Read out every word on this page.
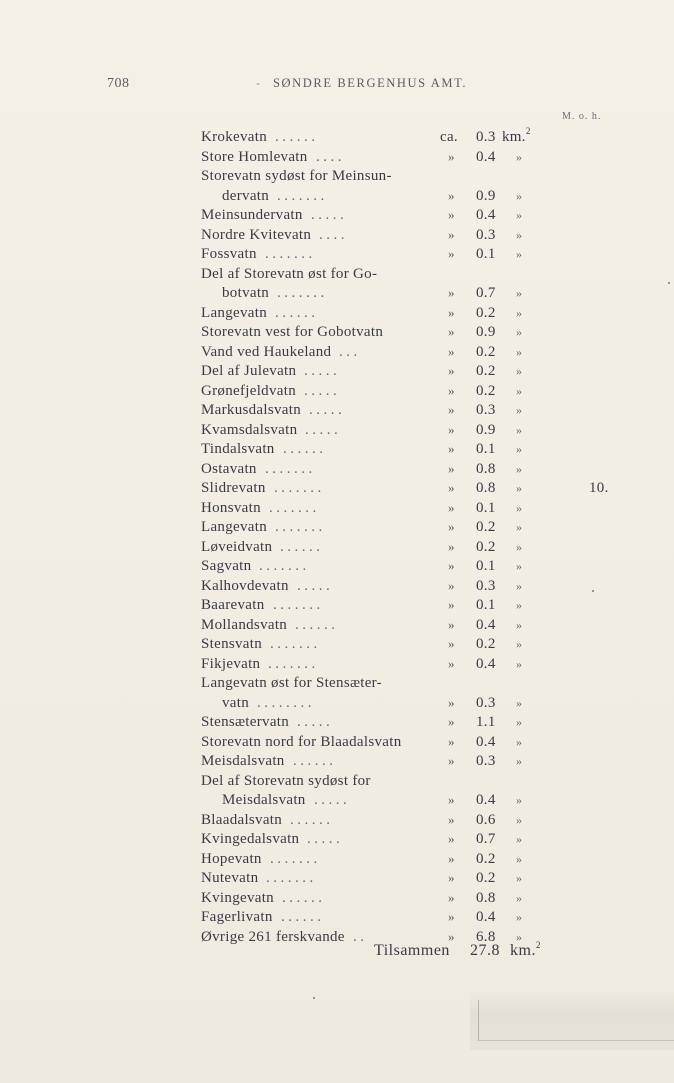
708	- SØNDRE BERGENHUS AMT.
M. o. h.
Krokevatn ......	ca. 0.3 km.$^2$
Store Homlevatn ....	» 0.4 »
Storevatn sydøst for Meinsun-
dervatn .......	» 0.9 »
Meinsundervatn .....	» 0.4 »
Nordre Kvitevatn ....	» 0.3 »
Fossvatn .......	» 0.1 »
Del af Storevatn øst for Go-
botvatn .......	» 0.7 »
Langevatn ......	» 0.2 »
Storevatn vest for Gobotvatn	» 0.9 »
Vand ved Haukeland ...	» 0.2 »
Del af Julevatn .....	» 0.2 »
Grønefjeldvatn .....	» 0.2 »
Markusdalsvatn .....	» 0.3 »
Kvamsdalsvatn .....	» 0.9 »
Tindalsvatn ......	» 0.1 »
Ostavatn .......	» 0.8 »
Slidrevatn .......	» 0.8 »	10.
Honsvatn .......	» 0.1 »
Langevatn .......	» 0.2 »
Løveidvatn ......	» 0.2 »
Sagvatn .......	» 0.1 »
Kalhovdevatn .....	» 0.3 »
Baarevatn .......	» 0.1 »
Mollandsvatn ......	» 0.4 »
Stensvatn .......	» 0.2 »
Fikjevatn .......	» 0.4 »
Langevatn øst for Stensæter-
vatn ........	» 0.3 »
Stensætervatn .....	» 1.1 »
Storevatn nord for Blaadalsvatn	» 0.4 »
Meisdalsvatn ......	» 0.3 »
Del af Storevatn sydøst for
Meisdalsvatn .....	» 0.4 »
Blaadalsvatn ......	» 0.6 »
Kvingedalsvatn .....	» 0.7 »
Hopevatn .......	» 0.2 »
Nutevatn .......	» 0.2 »
Kvingevatn ......	» 0.8 »
Fagerlivatn ......	» 0.4 »
Øvrige 261 ferskvande ..	» 6.8 »
Tilsammen 27.8 km.$^2$
